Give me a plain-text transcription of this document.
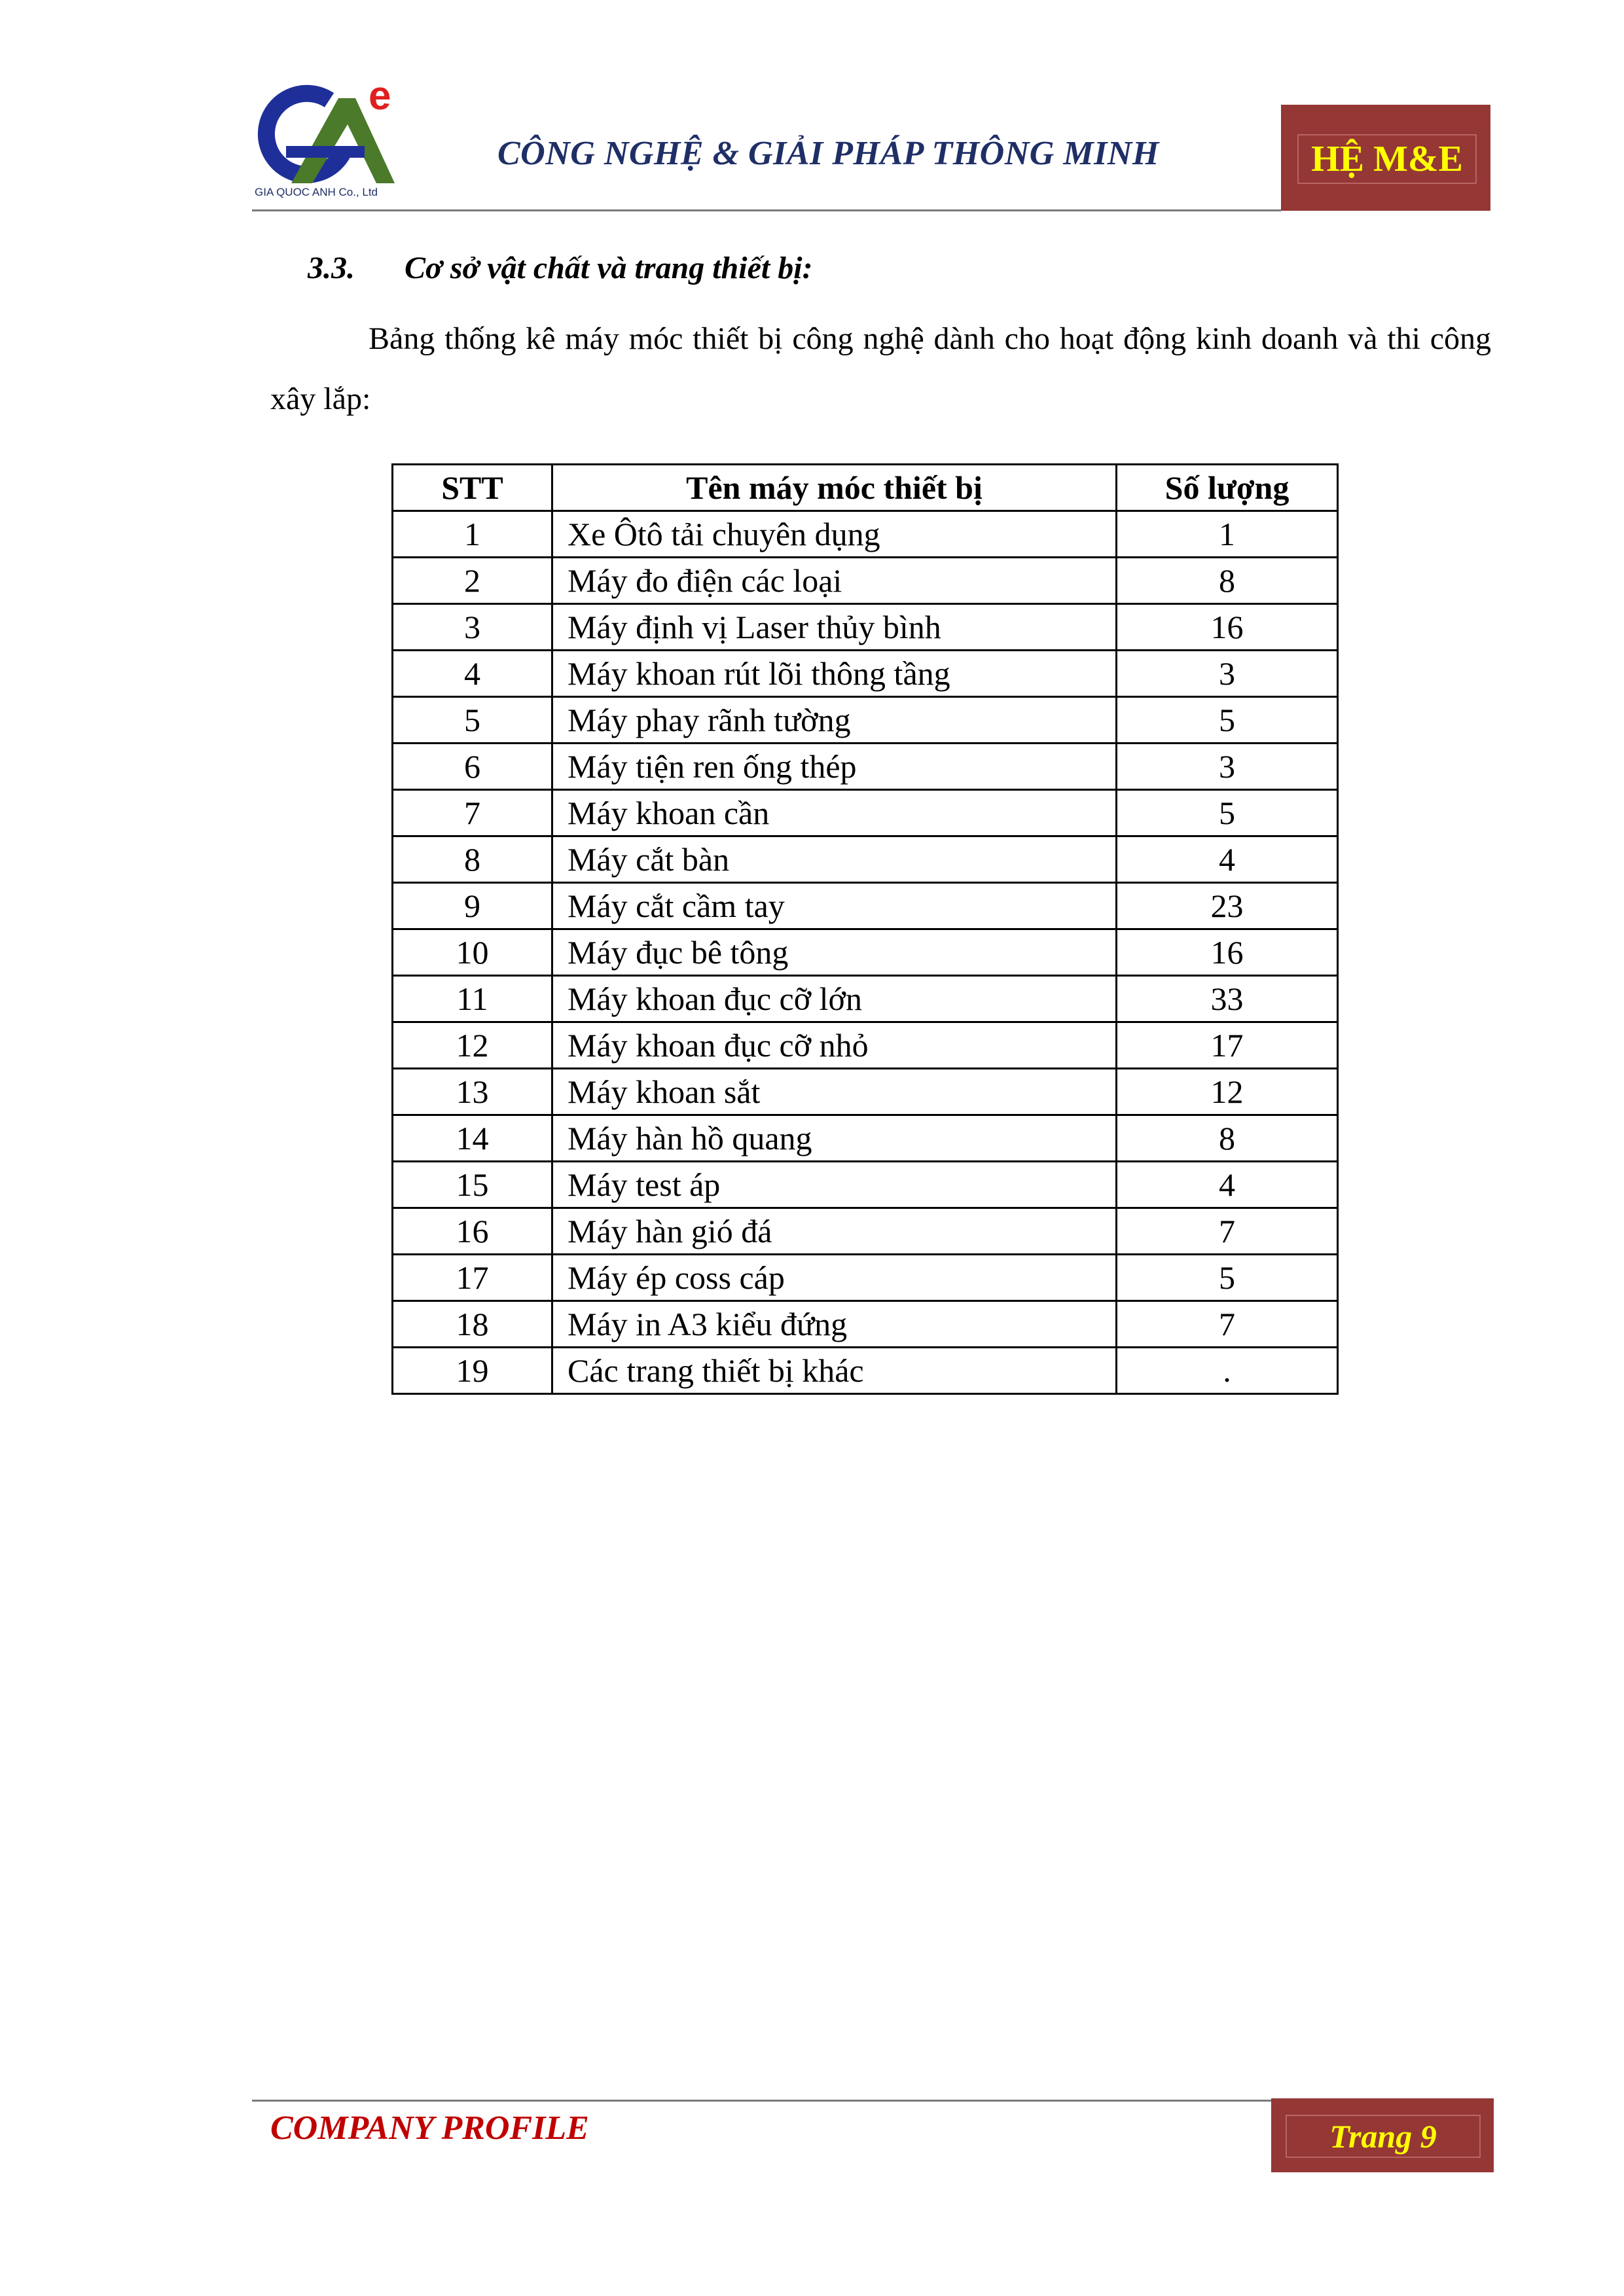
e
GIA QUOC ANH Co., Ltd
CÔNG NGHỆ & GIẢI PHÁP THÔNG MINH	HỆ M&E
3.3. Cơ sở vật chất và trang thiết bị:
Bảng thống kê máy móc thiết bị công nghệ dành cho hoạt động kinh doanh và thi công xây lắp:
STT	Tên máy móc thiết bị	Số lượng
1	Xe Ôtô tải chuyên dụng	1
2	Máy đo điện các loại	8
3	Máy định vị Laser thủy bình	16
4	Máy khoan rút lõi thông tầng	3
5	Máy phay rãnh tường	5
6	Máy tiện ren ống thép	3
7	Máy khoan cần	5
8	Máy cắt bàn	4
9	Máy cắt cầm tay	23
10	Máy đục bê tông	16
11	Máy khoan đục cỡ lớn	33
12	Máy khoan đục cỡ nhỏ	17
13	Máy khoan sắt	12
14	Máy hàn hồ quang	8
15	Máy test áp	4
16	Máy hàn gió đá	7
17	Máy ép coss cáp	5
18	Máy in A3 kiểu đứng	7
19	Các trang thiết bị khác	.
COMPANY PROFILE	Trang 9
